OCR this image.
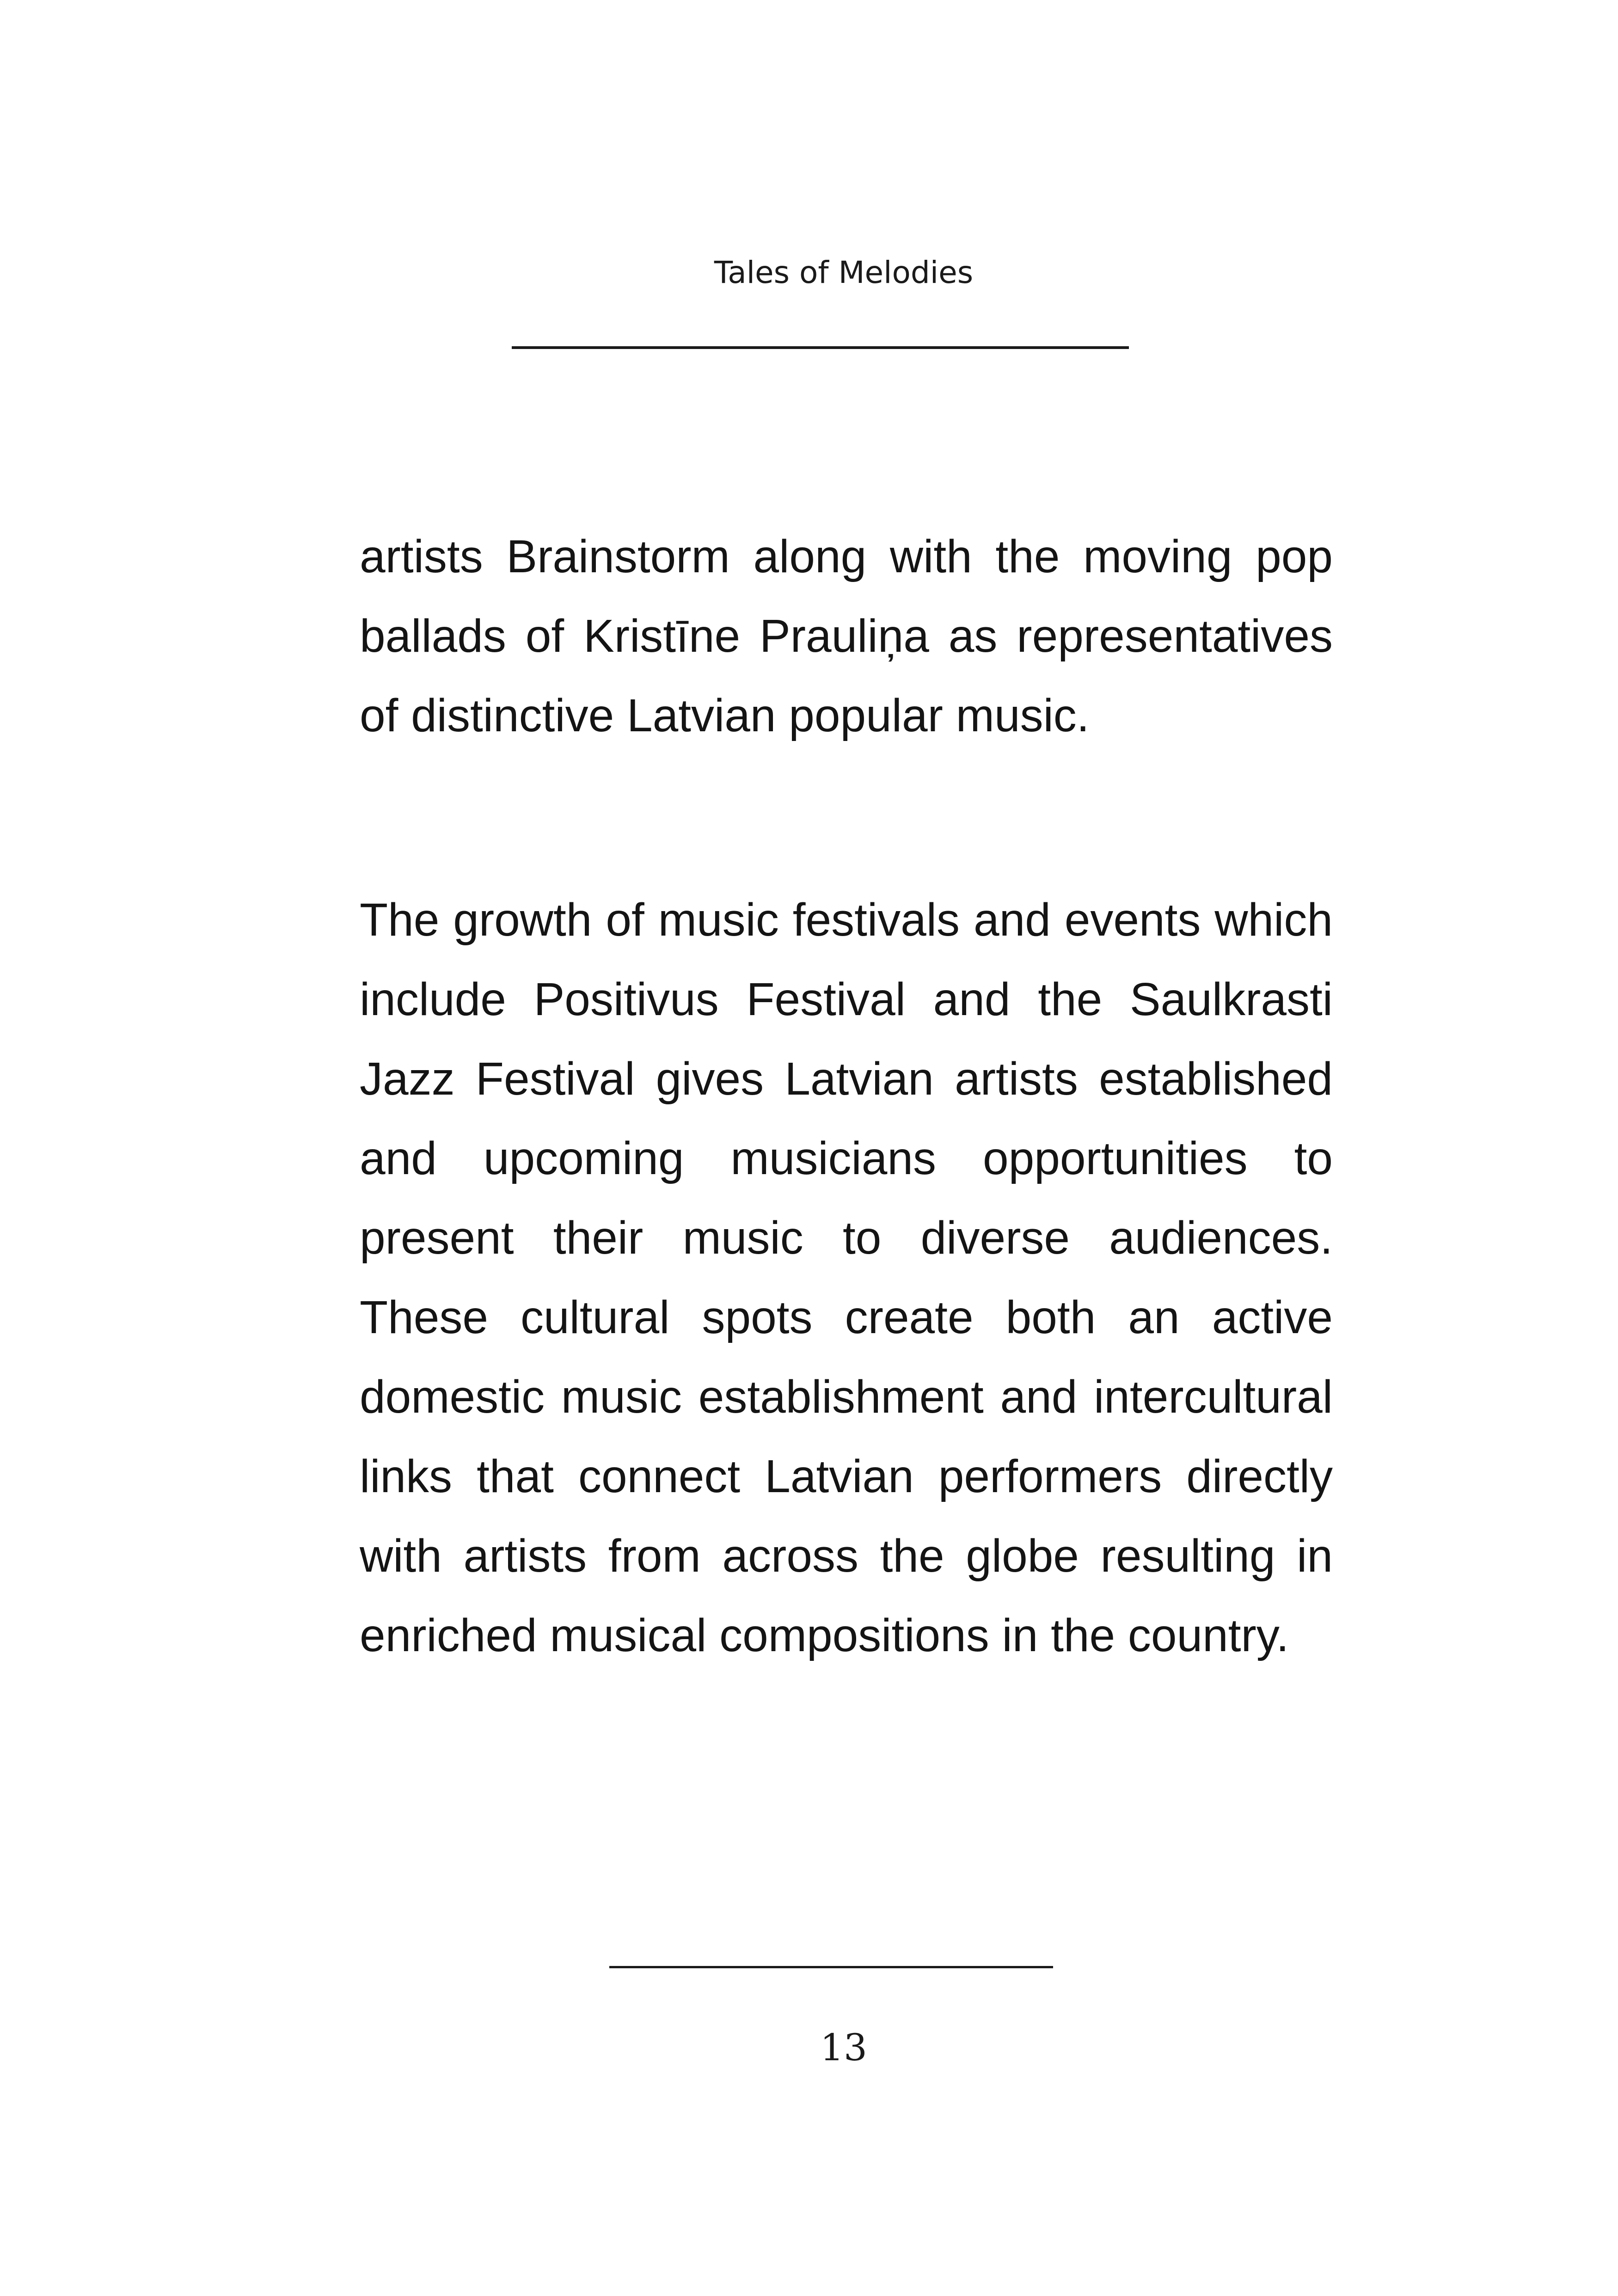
Tales of Melodies

artists Brainstorm along with the moving pop ballads of Kristīne Prauliņa as representatives of distinctive Latvian popular music.

The growth of music festivals and events which include Positivus Festival and the Saulkrasti Jazz Festival gives Latvian artists established and upcoming musicians opportunities to present their music to diverse audiences. These cultural spots create both an active domestic music establishment and intercultural links that connect Latvian performers directly with artists from across the globe resulting in enriched musical compositions in the country.

13
